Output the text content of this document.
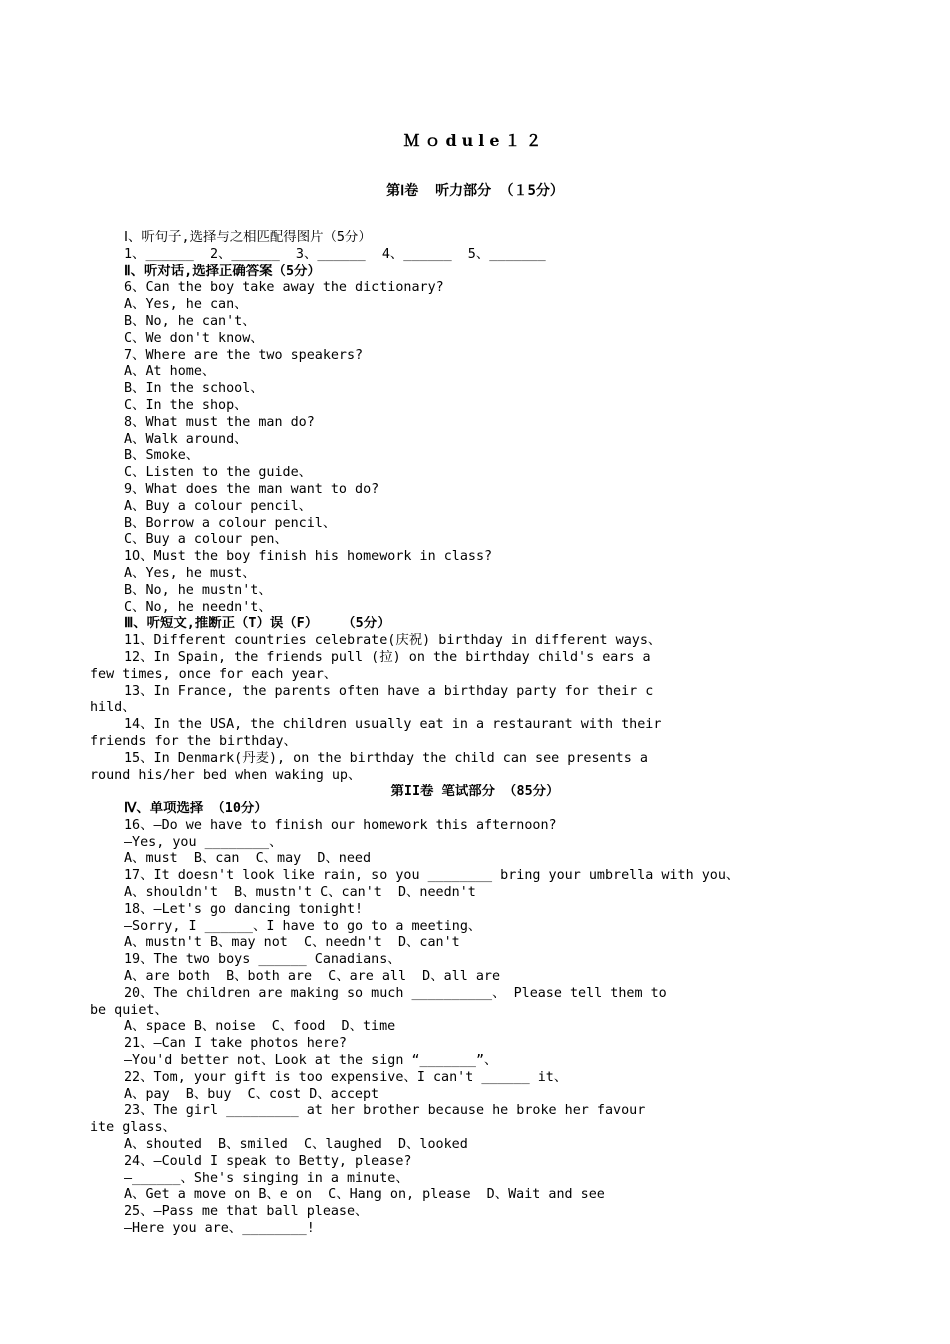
Ｍｏdule１２
第Ⅰ卷  听力部分 （１5分）
Ⅰ、听句子,选择与之相匹配得图片（5分）
1、______  2、______  3、______  4、______  5、_______
Ⅱ、听对话,选择正确答案（5分）
6、Can the boy take away the dictionary?
A、Yes, he can、
B、No, he can't、
C、We don't know、
7、Where are the two speakers?
A、At home、
B、In the school、
C、In the shop、
8、What must the man do?
A、Walk around、
B、Smoke、
C、Listen to the guide、
9、What does the man want to do?
A、Buy a colour pencil、
B、Borrow a colour pencil、
C、Buy a colour pen、
1O、Must the boy finish his homework in class?
A、Yes, he must、
B、No, he mustn't、
C、No, he needn't、
Ⅲ、听短文,推断正（T）误（F）   （5分）
11、Different countries celebrate(庆祝) birthday in different ways、
12、In Spain, the friends pull (拉) on the birthday child's ears a
few times, once for each year、
13、In France, the parents often have a birthday party for their c
hild、
14、In the USA, the children usually eat in a restaurant with their
friends for the birthday、
15、In Denmark(丹麦), on the birthday the child can see presents a
round his/her bed when waking up、
第II卷 笔试部分 （85分）
Ⅳ、单项选择 （10分）
16、—Do we have to finish our homework this afternoon?
—Yes, you ________、
A、must  B、can  C、may  D、need
17、It doesn't look like rain, so you ________ bring your umbrella with you、
A、shouldn't  B、mustn't C、can't  D、needn't
18、—Let's go dancing tonight!
—Sorry, I ______、I have to go to a meeting、
A、mustn't B、may not  C、needn't  D、can't
19、The two boys ______ Canadians、
A、are both  B、both are  C、are all  D、all are
20、The children are making so much __________、 Please tell them to
be quiet、
A、space B、noise  C、food  D、time
21、—Can I take photos here?
—You'd better not、Look at the sign “_______”、
22、Tom, your gift is too expensive、I can't ______ it、
A、pay  B、buy  C、cost D、accept
23、The girl _________ at her brother because he broke her favour
ite glass、
A、shouted  B、smiled  C、laughed  D、looked
24、—Could I speak to Betty, please?
—______、She's singing in a minute、
A、Get a move on B、e on  C、Hang on, please  D、Wait and see
25、—Pass me that ball please、
—Here you are、________!
